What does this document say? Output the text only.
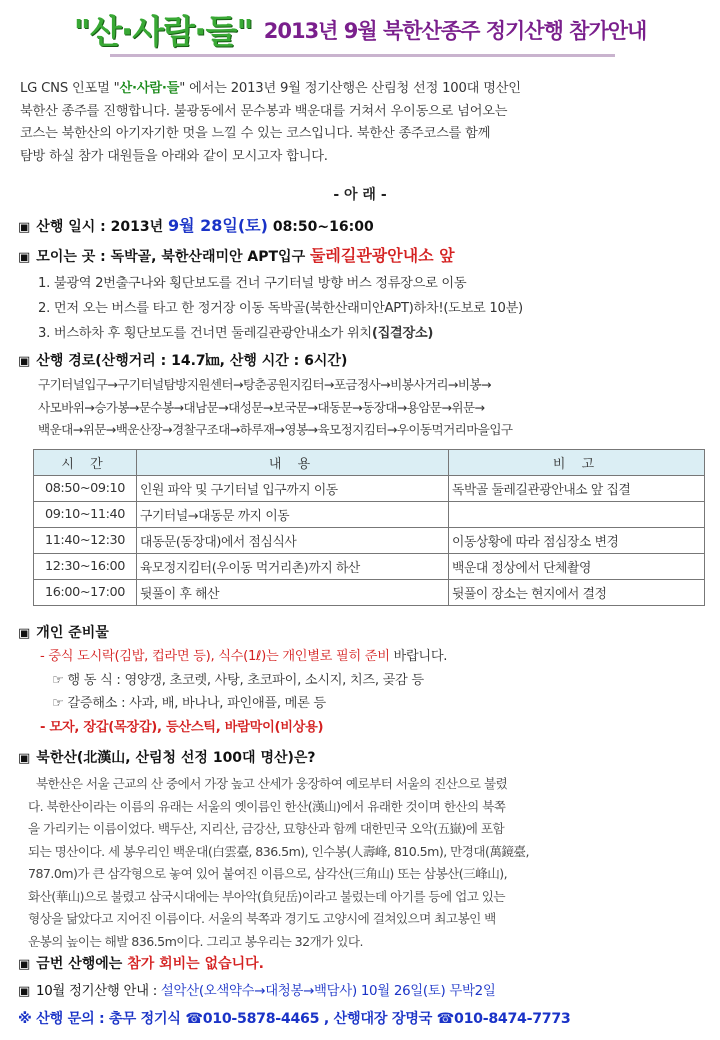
"산·사람·들" 2013년 9월 북한산종주 정기산행 참가안내
LG CNS 인포멀 "산·사람·들" 에서는 2013년 9월 정기산행은 산림청 선정 100대 명산인
북한산 종주를 진행합니다. 불광동에서 문수봉과 백운대를 거쳐서 우이동으로 넘어오는
코스는 북한산의 아기자기한 멋을 느낄 수 있는 코스입니다. 북한산 종주코스를 함께
탐방 하실 참가 대원들을 아래와 같이 모시고자 합니다.
- 아 래 -
▣ 산행 일시 : 2013년 9월 28일(토) 08:50~16:00
▣ 모이는 곳 : 독박골, 북한산래미안 APT입구 둘레길관광안내소 앞
1. 불광역 2번출구나와 횡단보도를 건너 구기터널 방향 버스 정류장으로 이동
2. 먼저 오는 버스를 타고 한 정거장 이동 독박골(북한산래미안APT)하차!(도보로 10분)
3. 버스하차 후 횡단보도를 건너면 둘레길관광안내소가 위치(집결장소)
▣ 산행 경로(산행거리 : 14.7㎞, 산행 시간 : 6시간)
구기터널입구→구기터널탐방지원센터→탕춘공원지킴터→포금정사→비봉사거리→비봉→
사모바위→승가봉→문수봉→대남문→대성문→보국문→대동문→동장대→용암문→위문→
백운대→위문→백운산장→경찰구조대→하루재→영봉→육모정지킴터→우이동먹거리마을입구
시 간	내 용	비 고
08:50~09:10	인원 파악 및 구기터널 입구까지 이동	독박골 둘레길관광안내소 앞 집결
09:10~11:40	구기터널→대동문 까지 이동	
11:40~12:30	대동문(동장대)에서 점심식사	이동상황에 따라 점심장소 변경
12:30~16:00	육모정지킴터(우이동 먹거리촌)까지 하산	백운대 정상에서 단체촬영
16:00~17:00	뒷풀이 후 해산	뒷풀이 장소는 현지에서 결정
▣ 개인 준비물
- 중식 도시락(김밥, 컵라면 등), 식수(1ℓ)는 개인별로 필히 준비 바랍니다.
☞ 행 동 식 : 영양갱, 초코렛, 사탕, 초코파이, 소시지, 치즈, 곶감 등
☞ 갈증해소 : 사과, 배, 바나나, 파인애플, 메론 등
- 모자, 장갑(목장갑), 등산스틱, 바람막이(비상용)
▣ 북한산(北漢山, 산림청 선정 100대 명산)은?
북한산은 서울 근교의 산 중에서 가장 높고 산세가 웅장하여 예로부터 서울의 진산으로 불렸
다. 북한산이라는 이름의 유래는 서울의 옛이름인 한산(漢山)에서 유래한 것이며 한산의 북쪽
을 가리키는 이름이었다. 백두산, 지리산, 금강산, 묘향산과 함께 대한민국 오악(五嶽)에 포함
되는 명산이다. 세 봉우리인 백운대(白雲臺, 836.5m), 인수봉(人壽峰, 810.5m), 만경대(萬鏡臺,
787.0m)가 큰 삼각형으로 놓여 있어 붙여진 이름으로, 삼각산(三角山) 또는 삼봉산(三峰山),
화산(華山)으로 불렸고 삼국시대에는 부아악(負兒岳)이라고 불렀는데 아기를 등에 업고 있는
형상을 닮았다고 지어진 이름이다. 서울의 북쪽과 경기도 고양시에 걸쳐있으며 최고봉인 백
운봉의 높이는 해발 836.5m이다. 그리고 봉우리는 32개가 있다.
▣ 금번 산행에는 참가 회비는 없습니다.
▣ 10월 정기산행 안내 : 설악산(오색약수→대청봉→백담사) 10월 26일(토) 무박2일
※ 산행 문의 : 총무 정기식 ☎010-5878-4465 , 산행대장 장명국 ☎010-8474-7773
